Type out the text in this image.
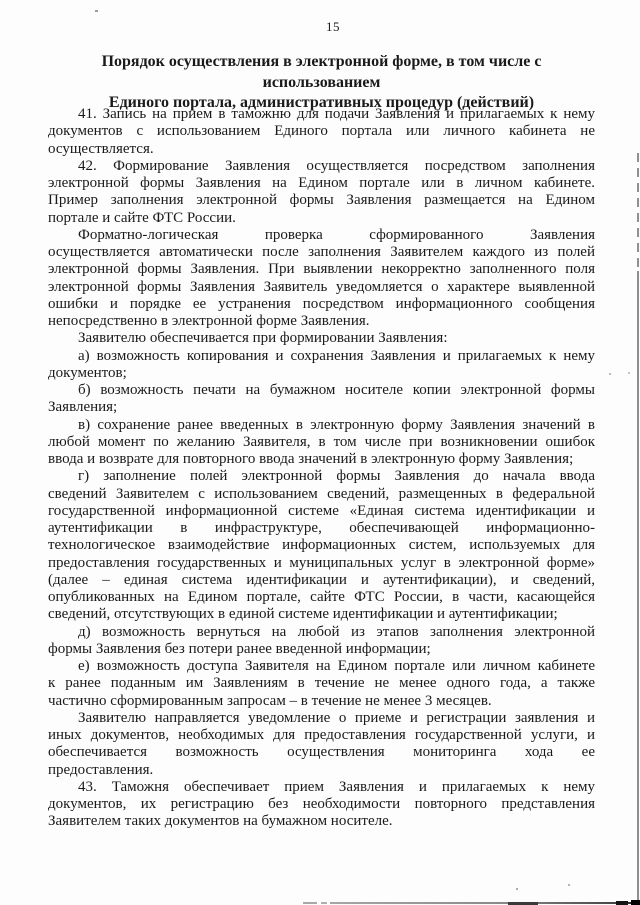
15
Порядок осуществления в электронной форме, в том числе с использованием
Единого портала, административных процедур (действий)
41. Запись на прием в таможню для подачи Заявления и прилагаемых к нему
документов с использованием Единого портала или личного кабинета не
осуществляется.
42. Формирование Заявления осуществляется посредством заполнения
электронной формы Заявления на Едином портале или в личном кабинете.
Пример заполнения электронной формы Заявления размещается на Едином
портале и сайте ФТС России.
Форматно-логическая проверка сформированного Заявления
осуществляется автоматически после заполнения Заявителем каждого из полей
электронной формы Заявления. При выявлении некорректно заполненного поля
электронной формы Заявления Заявитель уведомляется о характере выявленной
ошибки и порядке ее устранения посредством информационного сообщения
непосредственно в электронной форме Заявления.
Заявителю обеспечивается при формировании Заявления:
а) возможность копирования и сохранения Заявления и прилагаемых к нему
документов;
б) возможность печати на бумажном носителе копии электронной формы
Заявления;
в) сохранение ранее введенных в электронную форму Заявления значений в
любой момент по желанию Заявителя, в том числе при возникновении ошибок
ввода и возврате для повторного ввода значений в электронную форму Заявления;
г) заполнение полей электронной формы Заявления до начала ввода
сведений Заявителем с использованием сведений, размещенных в федеральной
государственной информационной системе «Единая система идентификации и
аутентификации в инфраструктуре, обеспечивающей информационно-
технологическое взаимодействие информационных систем, используемых для
предоставления государственных и муниципальных услуг в электронной форме»
(далее – единая система идентификации и аутентификации), и сведений,
опубликованных на Едином портале, сайте ФТС России, в части, касающейся
сведений, отсутствующих в единой системе идентификации и аутентификации;
д) возможность вернуться на любой из этапов заполнения электронной
формы Заявления без потери ранее введенной информации;
е) возможность доступа Заявителя на Едином портале или личном кабинете
к ранее поданным им Заявлениям в течение не менее одного года, а также
частично сформированным запросам – в течение не менее 3 месяцев.
Заявителю направляется уведомление о приеме и регистрации заявления и
иных документов, необходимых для предоставления государственной услуги, и
обеспечивается возможность осуществления мониторинга хода ее
предоставления.
43. Таможня обеспечивает прием Заявления и прилагаемых к нему
документов, их регистрацию без необходимости повторного представления
Заявителем таких документов на бумажном носителе.
